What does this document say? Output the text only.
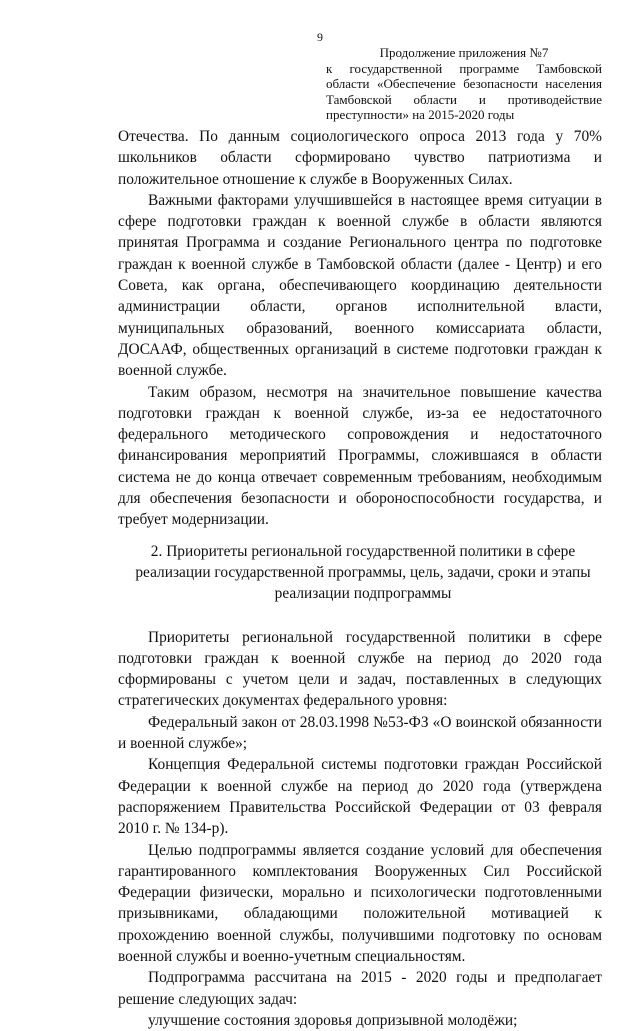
9
Продолжение приложения №7
к государственной программе Тамбовской области «Обеспечение безопасности населения Тамбовской области и противодействие преступности» на 2015-2020 годы

Отечества. По данным социологического опроса 2013 года у 70% школьников области сформировано чувство патриотизма и положительное отношение к службе в Вооруженных Силах.

Важными факторами улучшившейся в настоящее время ситуации в сфере подготовки граждан к военной службе в области являются принятая Программа и создание Регионального центра по подготовке граждан к военной службе в Тамбовской области (далее - Центр) и его Совета, как органа, обеспечивающего координацию деятельности администрации области, органов исполнительной власти, муниципальных образований, военного комиссариата области, ДОСААФ, общественных организаций в системе подготовки граждан к военной службе.

Таким образом, несмотря на значительное повышение качества подготовки граждан к военной службе, из-за ее недостаточного федерального методического сопровождения и недостаточного финансирования мероприятий Программы, сложившаяся в области система не до конца отвечает современным требованиям, необходимым для обеспечения безопасности и обороноспособности государства, и требует модернизации.

2. Приоритеты региональной государственной политики в сфере реализации государственной программы, цель, задачи, сроки и этапы реализации подпрограммы

Приоритеты региональной государственной политики в сфере подготовки граждан к военной службе на период до 2020 года сформированы с учетом цели и задач, поставленных в следующих стратегических документах федерального уровня:

Федеральный закон от 28.03.1998 №53-ФЗ «О воинской обязанности и военной службе»;

Концепция Федеральной системы подготовки граждан Российской Федерации к военной службе на период до 2020 года (утверждена распоряжением Правительства Российской Федерации от 03 февраля 2010 г. № 134-р).

Целью подпрограммы является создание условий для обеспечения гарантированного комплектования Вооруженных Сил Российской Федерации физически, морально и психологически подготовленными призывниками, обладающими положительной мотивацией к прохождению военной службы, получившими подготовку по основам военной службы и военно-учетным специальностям.

Подпрограмма рассчитана на 2015 - 2020 годы и предполагает решение следующих задач:

улучшение состояния здоровья допризывной молодёжи;
